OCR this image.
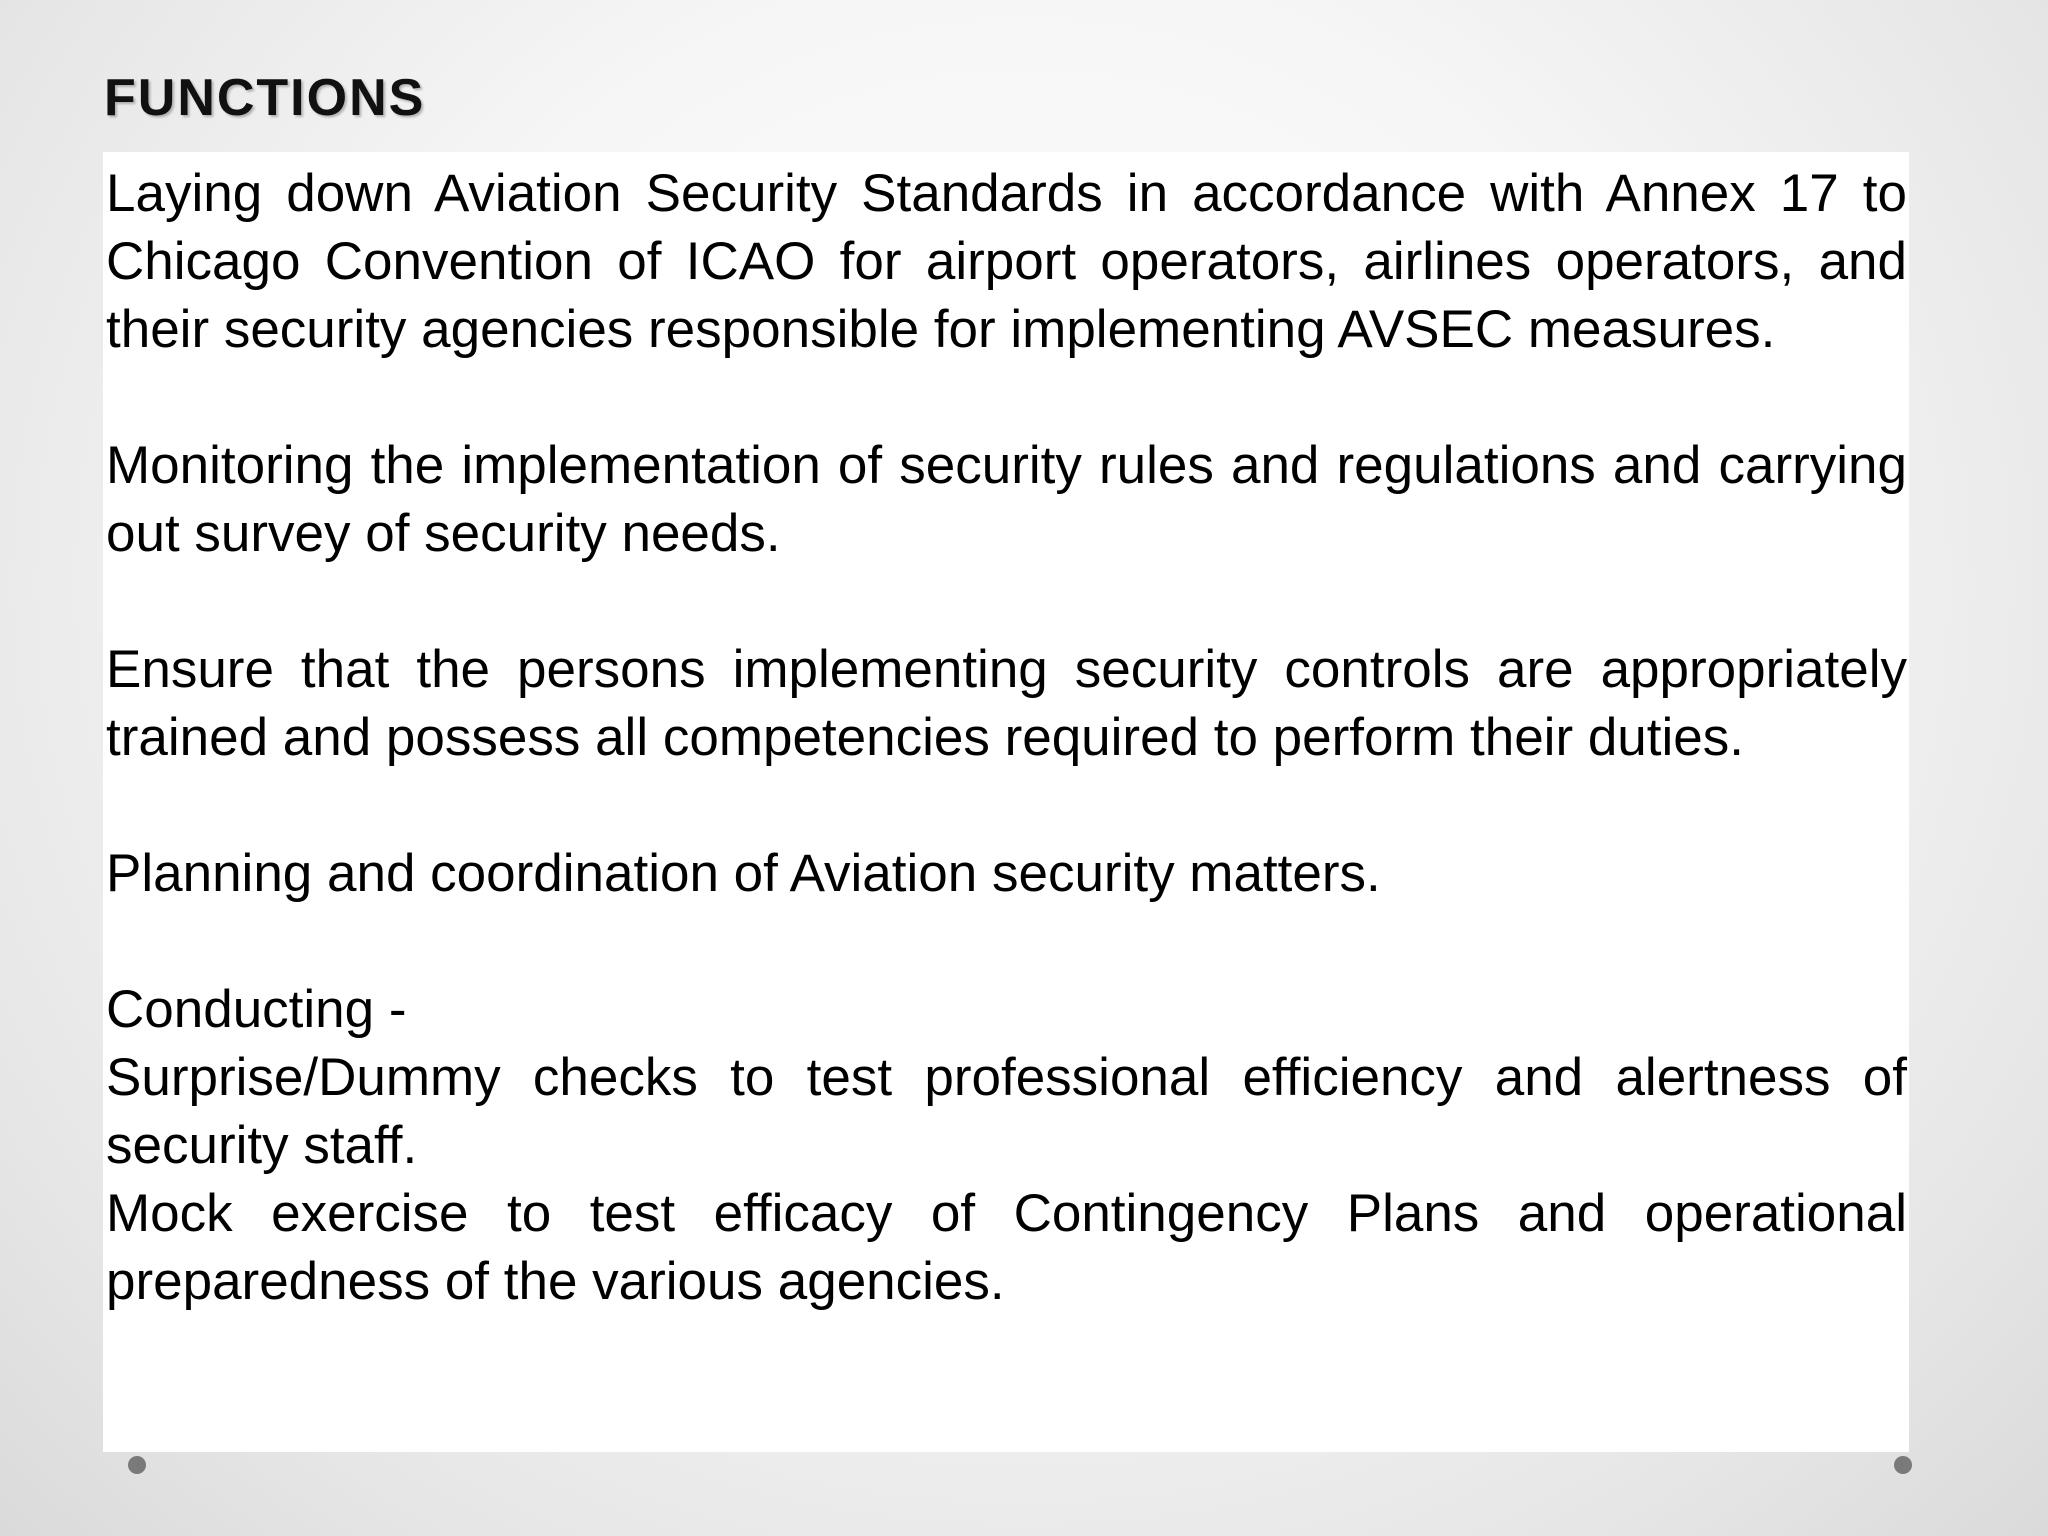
FUNCTIONS

Laying down Aviation Security Standards in accordance with Annex 17 to Chicago Convention of ICAO for airport operators, airlines operators, and their security agencies responsible for implementing AVSEC measures.

Monitoring the implementation of security rules and regulations and carrying out survey of security needs.

Ensure that the persons implementing security controls are appropriately trained and possess all competencies required to perform their duties.

Planning and coordination of Aviation security matters.

Conducting -

Surprise/Dummy checks to test professional efficiency and alertness of security staff.

Mock exercise to test efficacy of Contingency Plans and operational preparedness of the various agencies.
